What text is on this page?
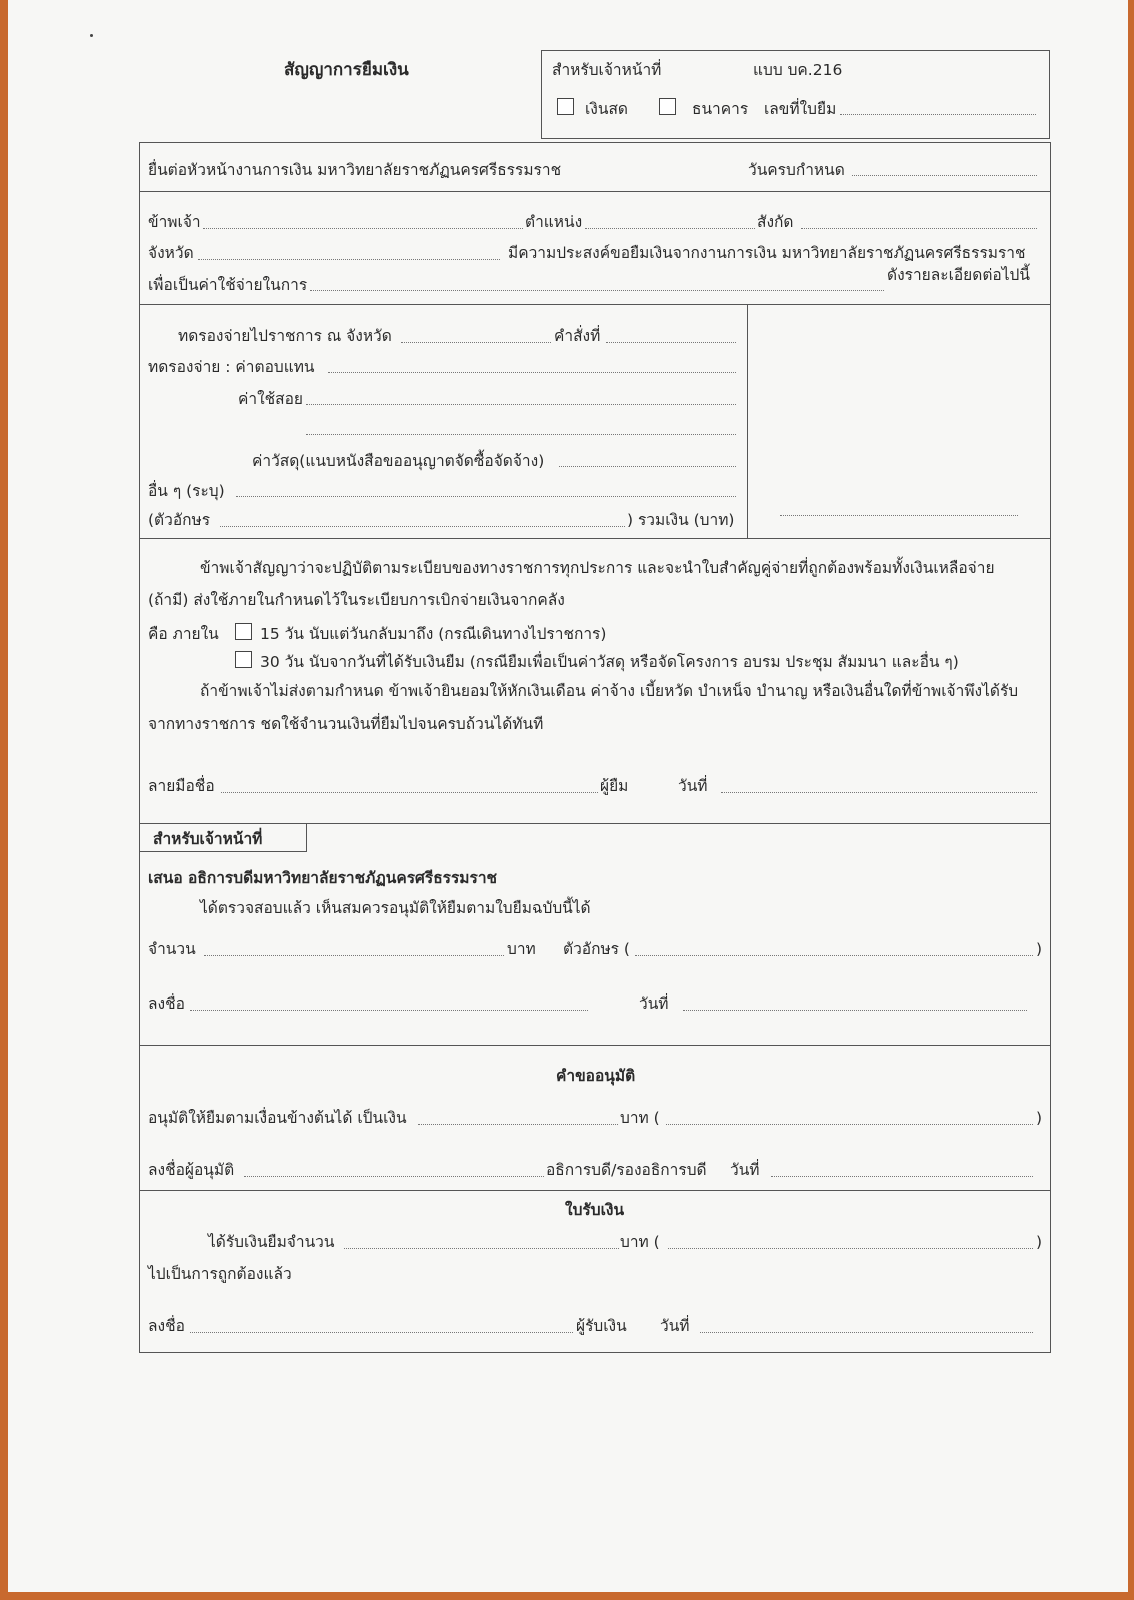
สัญญาการยืมเงิน	สำหรับเจ้าหน้าที่	แบบ บค.216
เงินสด	ธนาคาร เลขที่ใบยืม
ยื่นต่อหัวหน้างานการเงิน มหาวิทยาลัยราชภัฏนครศรีธรรมราช	วันครบกำหนด
ข้าพเจ้า	ตำแหน่ง	สังกัด
จังหวัด	มีความประสงค์ขอยืมเงินจากงานการเงิน มหาวิทยาลัยราชภัฏนครศรีธรรมราช
เพื่อเป็นค่าใช้จ่ายในการ
ดังรายละเอียดต่อไปนี้
ทดรองจ่ายไปราชการ ณ จังหวัด	คำสั่งที่
ทดรองจ่าย : ค่าตอบแทน
ค่าใช้สอย
ค่าวัสดุ(แนบหนังสือขออนุญาตจัดซื้อจัดจ้าง)
อื่น ๆ (ระบุ)
(ตัวอักษร	) รวมเงิน (บาท)
ข้าพเจ้าสัญญาว่าจะปฏิบัติตามระเบียบของทางราชการทุกประการ และจะนำใบสำคัญคู่จ่ายที่ถูกต้องพร้อมทั้งเงินเหลือจ่าย
(ถ้ามี) ส่งใช้ภายในกำหนดไว้ในระเบียบการเบิกจ่ายเงินจากคลัง
คือ ภายใน	15 วัน นับแต่วันกลับมาถึง (กรณีเดินทางไปราชการ)
30 วัน นับจากวันที่ได้รับเงินยืม (กรณียืมเพื่อเป็นค่าวัสดุ หรือจัดโครงการ อบรม ประชุม สัมมนา และอื่น ๆ)
ถ้าข้าพเจ้าไม่ส่งตามกำหนด ข้าพเจ้ายินยอมให้หักเงินเดือน ค่าจ้าง เบี้ยหวัด บำเหน็จ บำนาญ หรือเงินอื่นใดที่ข้าพเจ้าพึงได้รับ
จากทางราชการ ชดใช้จำนวนเงินที่ยืมไปจนครบถ้วนได้ทันที
ลายมือชื่อ	ผู้ยืม	วันที่
สำหรับเจ้าหน้าที่
เสนอ อธิการบดีมหาวิทยาลัยราชภัฏนครศรีธรรมราช
ได้ตรวจสอบแล้ว เห็นสมควรอนุมัติให้ยืมตามใบยืมฉบับนี้ได้
จำนวน	บาท ตัวอักษร (	)
ลงชื่อ	วันที่
คำขออนุมัติ
อนุมัติให้ยืมตามเงื่อนข้างต้นได้ เป็นเงิน	บาท (	)
ลงชื่อผู้อนุมัติ	อธิการบดี/รองอธิการบดี วันที่
ใบรับเงิน
ได้รับเงินยืมจำนวน	บาท (	)
ไปเป็นการถูกต้องแล้ว
ลงชื่อ	ผู้รับเงิน วันที่
